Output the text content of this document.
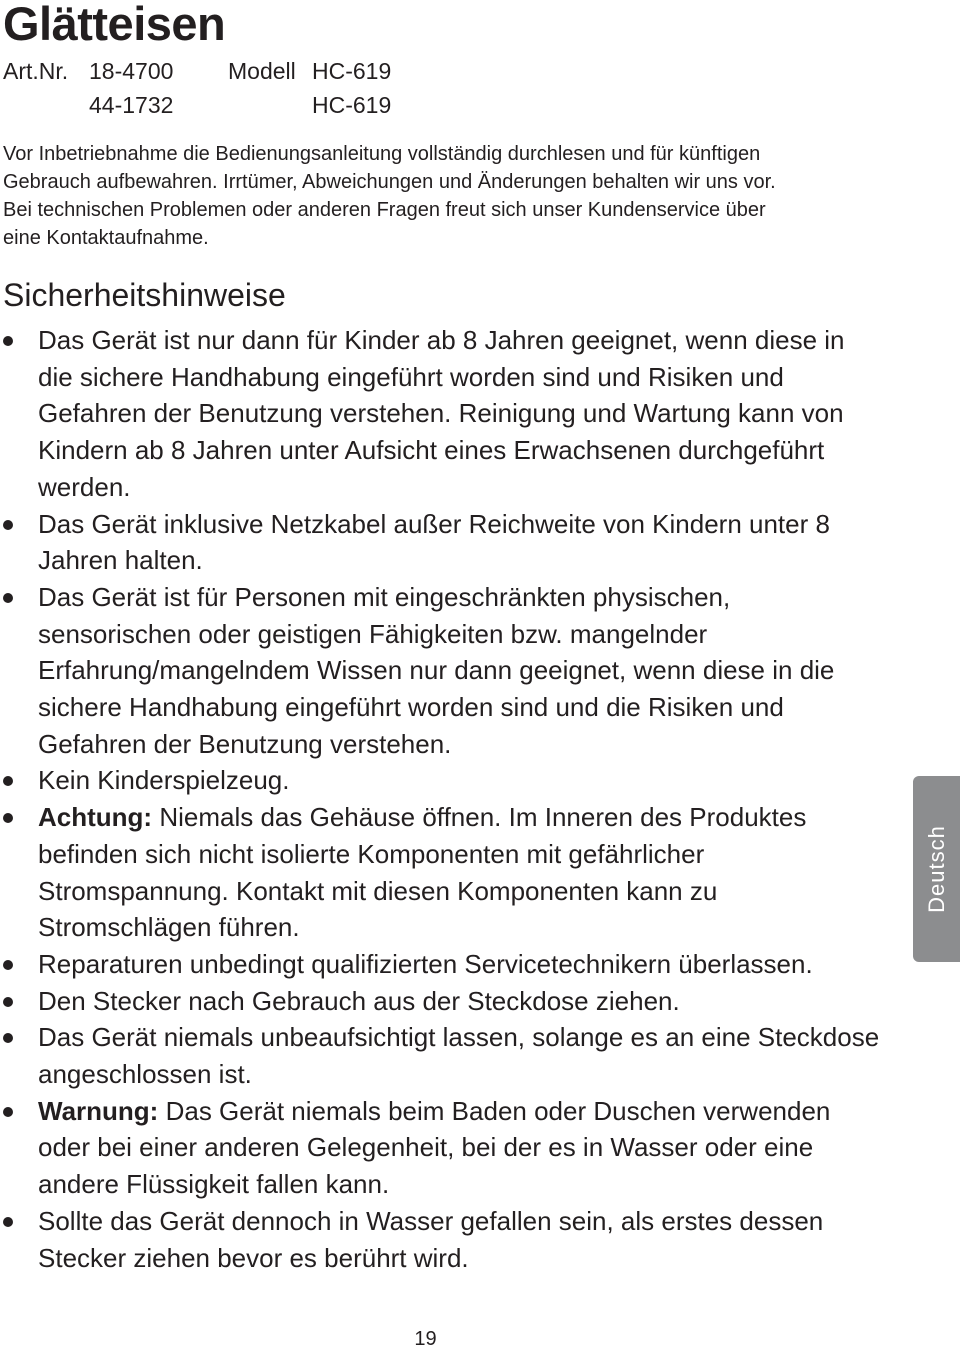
Glätteisen
Art.Nr. 18-4700 Modell HC-619
44-1732	HC-619

Vor Inbetriebnahme die Bedienungsanleitung vollständig durchlesen und für künftigen Gebrauch aufbewahren. Irrtümer, Abweichungen und Änderungen behalten wir uns vor. Bei technischen Problemen oder anderen Fragen freut sich unser Kundenservice über eine Kontaktaufnahme.

Sicherheitshinweise
Das Gerät ist nur dann für Kinder ab 8 Jahren geeignet, wenn diese in die sichere Handhabung eingeführt worden sind und Risiken und Gefahren der Benutzung verstehen. Reinigung und Wartung kann von Kindern ab 8 Jahren unter Aufsicht eines Erwachsenen durchgeführt werden.
Das Gerät inklusive Netzkabel außer Reichweite von Kindern unter 8 Jahren halten.
Das Gerät ist für Personen mit eingeschränkten physischen, sensorischen oder geistigen Fähigkeiten bzw. mangelnder Erfahrung/mangelndem Wissen nur dann geeignet, wenn diese in die sichere Handhabung eingeführt worden sind und die Risiken und Gefahren der Benutzung verstehen.
Kein Kinderspielzeug.
Achtung: Niemals das Gehäuse öffnen. Im Inneren des Produktes befinden sich nicht isolierte Komponenten mit gefährlicher Stromspannung. Kontakt mit diesen Komponenten kann zu Stromschlägen führen.
Reparaturen unbedingt qualifizierten Servicetechnikern überlassen.
Den Stecker nach Gebrauch aus der Steckdose ziehen.
Das Gerät niemals unbeaufsichtigt lassen, solange es an eine Steckdose angeschlossen ist.
Warnung: Das Gerät niemals beim Baden oder Duschen verwenden oder bei einer anderen Gelegenheit, bei der es in Wasser oder eine andere Flüssigkeit fallen kann.
Sollte das Gerät dennoch in Wasser gefallen sein, als erstes dessen Stecker ziehen bevor es berührt wird.
Deutsch
19
